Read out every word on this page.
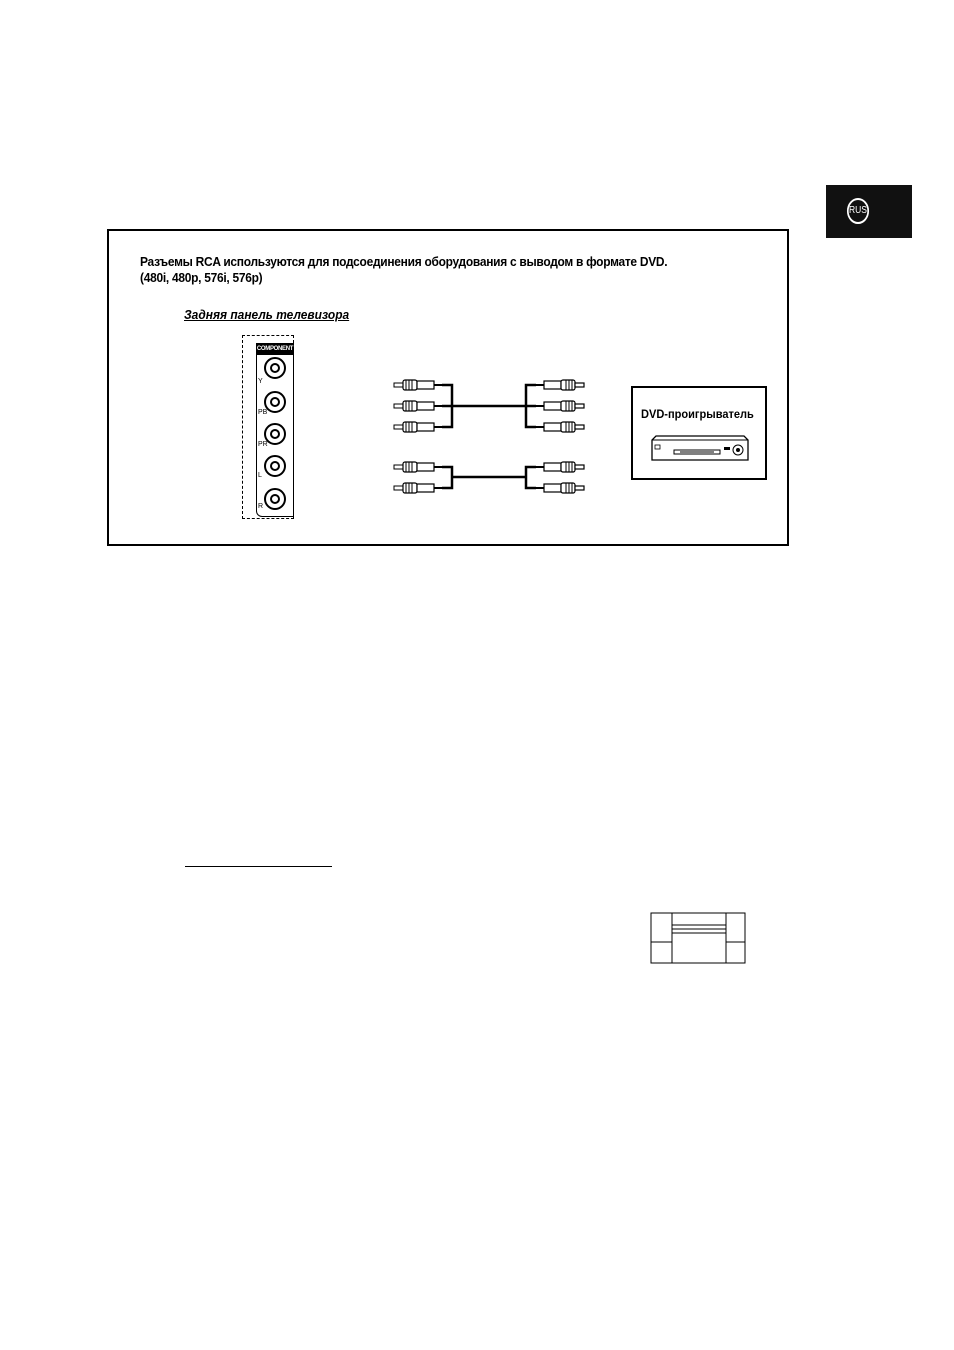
RUS
Разъемы RCA используются для подсоединения оборудования с выводом в формате DVD.
(480i, 480p, 576i, 576p)
Задняя панель телевизора
COMPONENT
Y
PB
PR
L
R
DVD-проигрыватель
